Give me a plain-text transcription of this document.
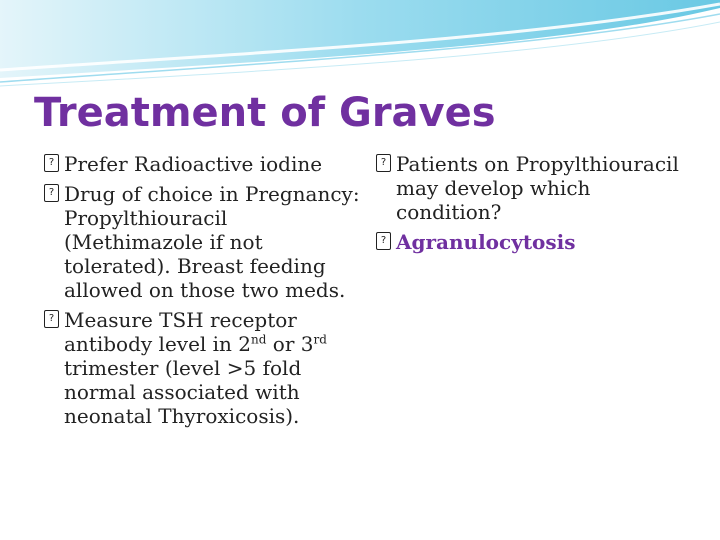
Treatment of Graves

? Prefer Radioactive iodine

? Drug of choice in Pregnancy: Propylthiouracil (Methimazole if not tolerated). Breast feeding allowed on those two meds.

? Measure TSH receptor antibody level in 2nd or 3rd trimester (level >5 fold normal associated with neonatal Thyroxicosis).

? Patients on Propylthiouracil may develop which condition?

? Agranulocytosis
